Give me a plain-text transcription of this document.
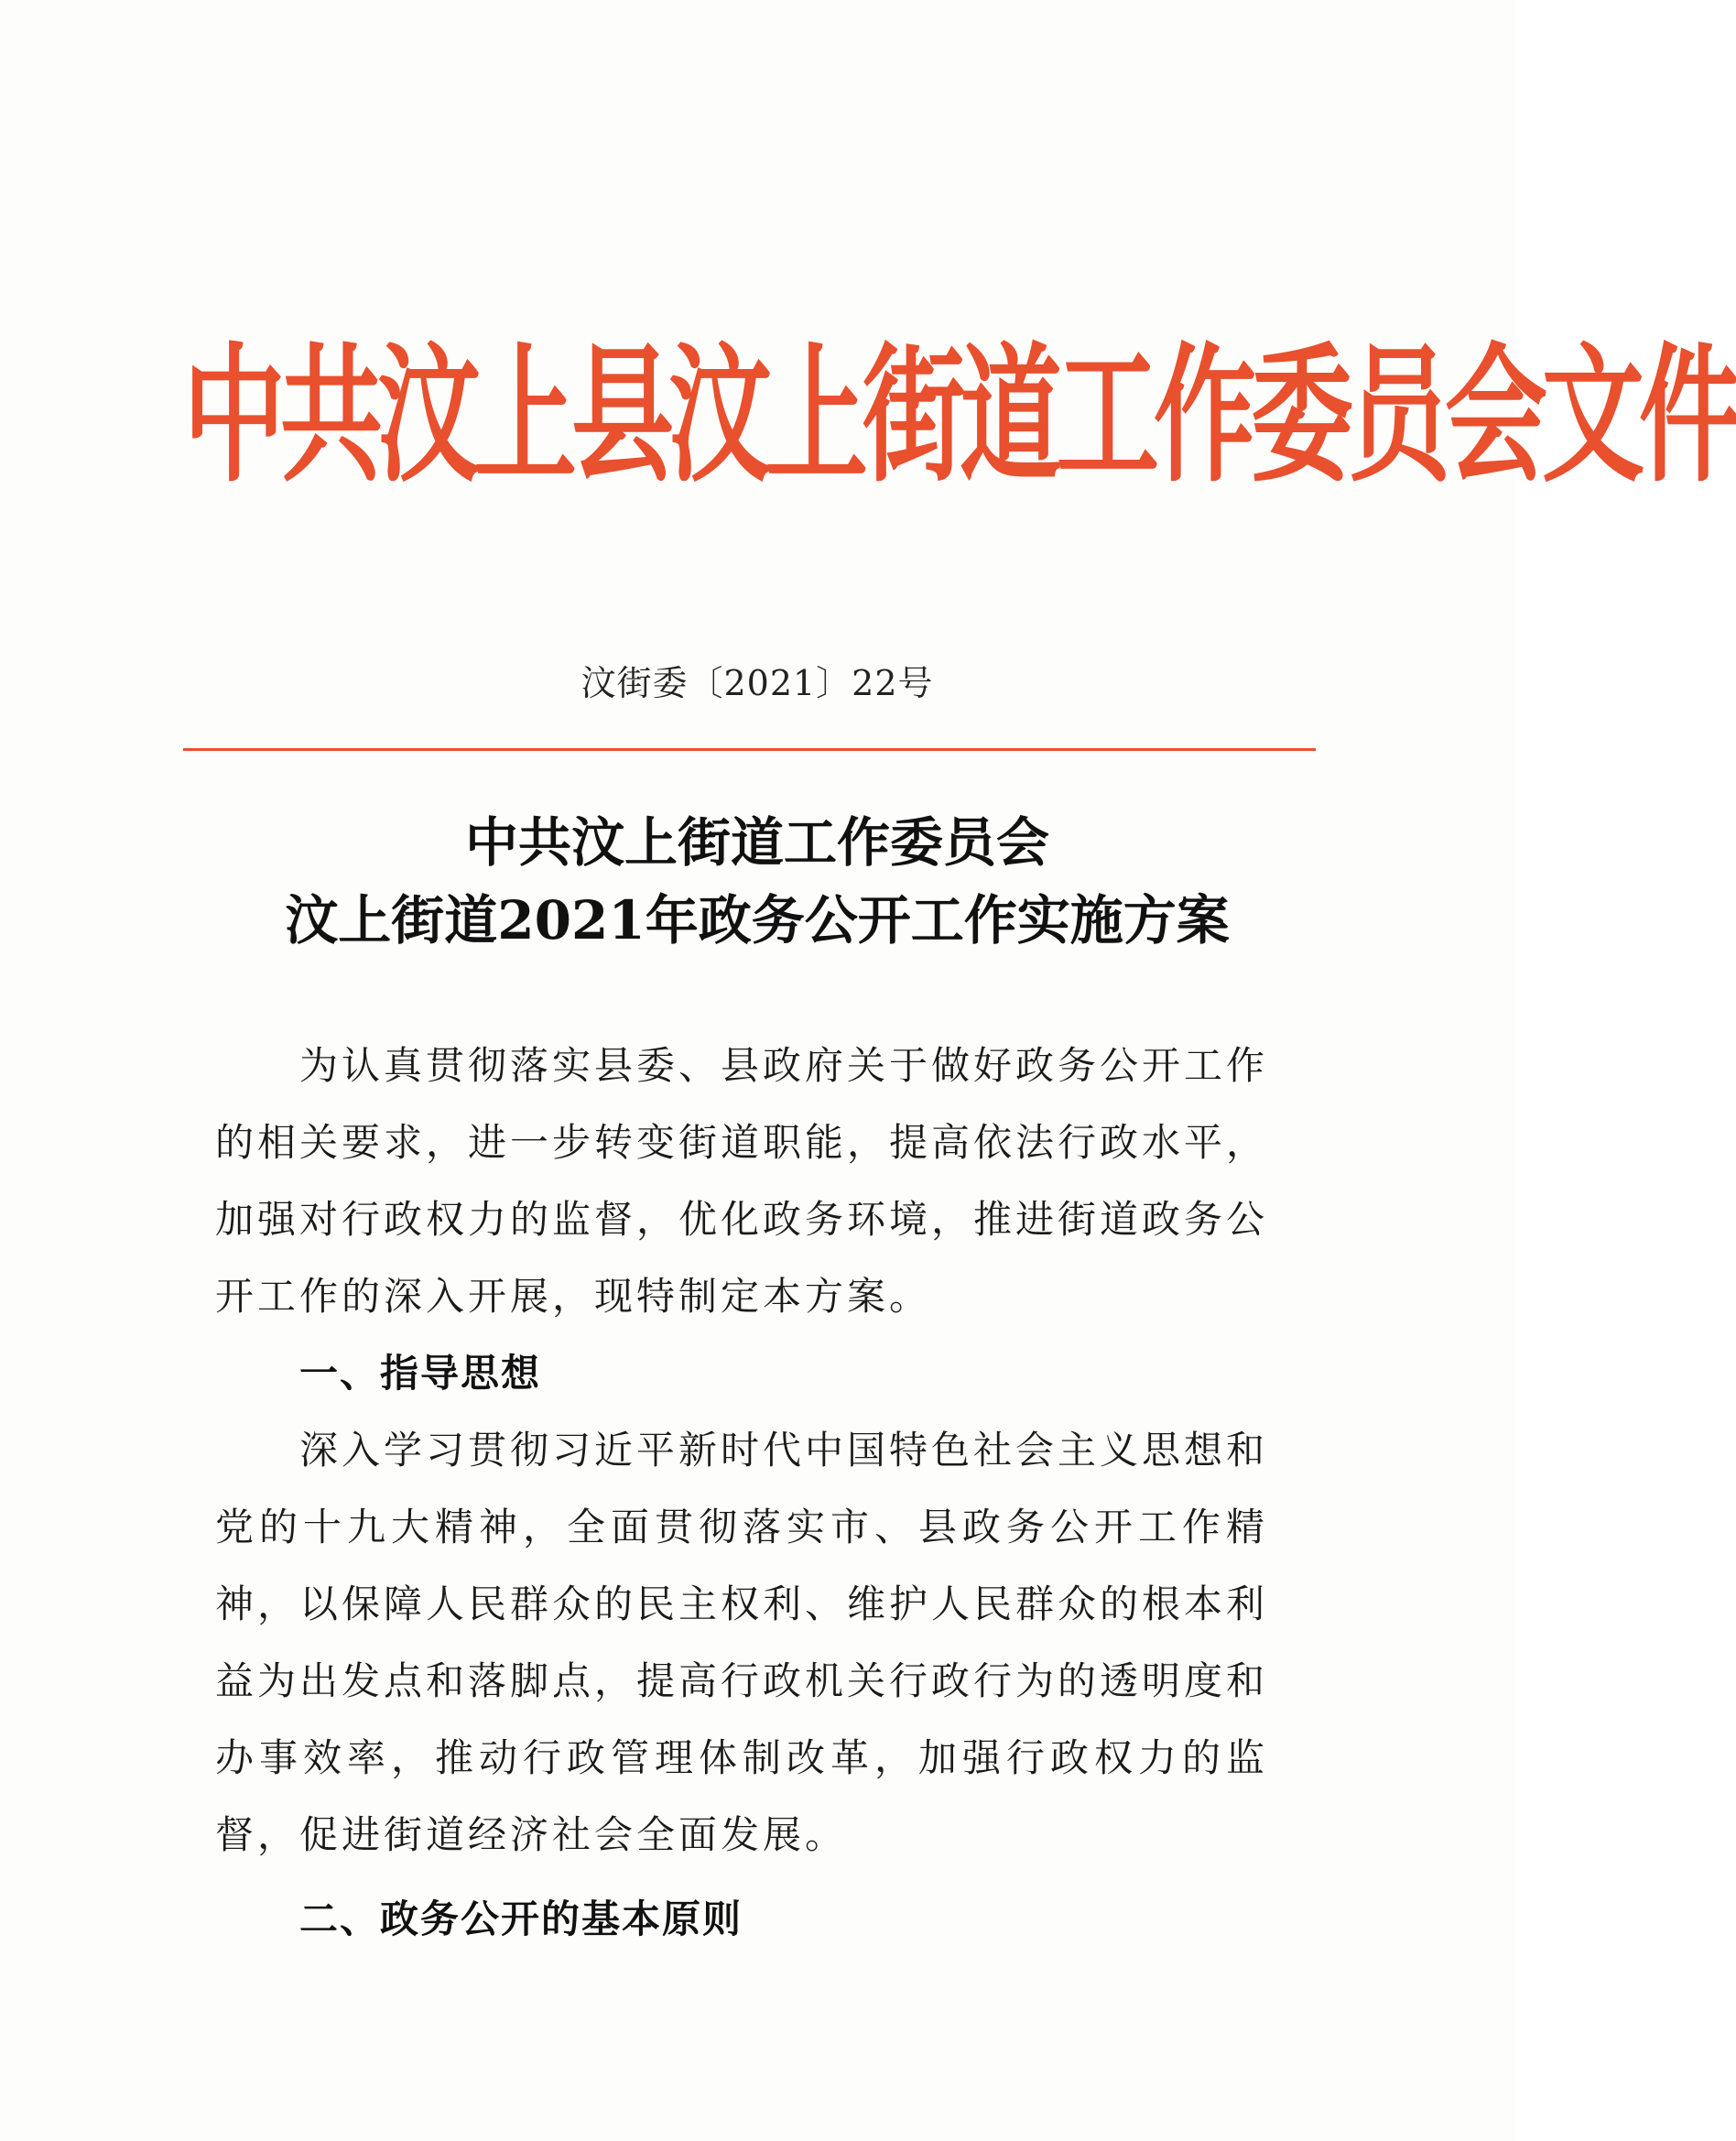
中共汶上县汶上街道工作委员会文件
汶街委〔2021〕22号
中共汶上街道工作委员会
汶上街道2021年政务公开工作实施方案

为认真贯彻落实县委、县政府关于做好政务公开工作的相关要求，进一步转变街道职能，提高依法行政水平，加强对行政权力的监督，优化政务环境，推进街道政务公开工作的深入开展，现特制定本方案。

一、指导思想

深入学习贯彻习近平新时代中国特色社会主义思想和党的十九大精神，全面贯彻落实市、县政务公开工作精神，以保障人民群众的民主权利、维护人民群众的根本利益为出发点和落脚点，提高行政机关行政行为的透明度和办事效率，推动行政管理体制改革，加强行政权力的监督，促进街道经济社会全面发展。

二、政务公开的基本原则
